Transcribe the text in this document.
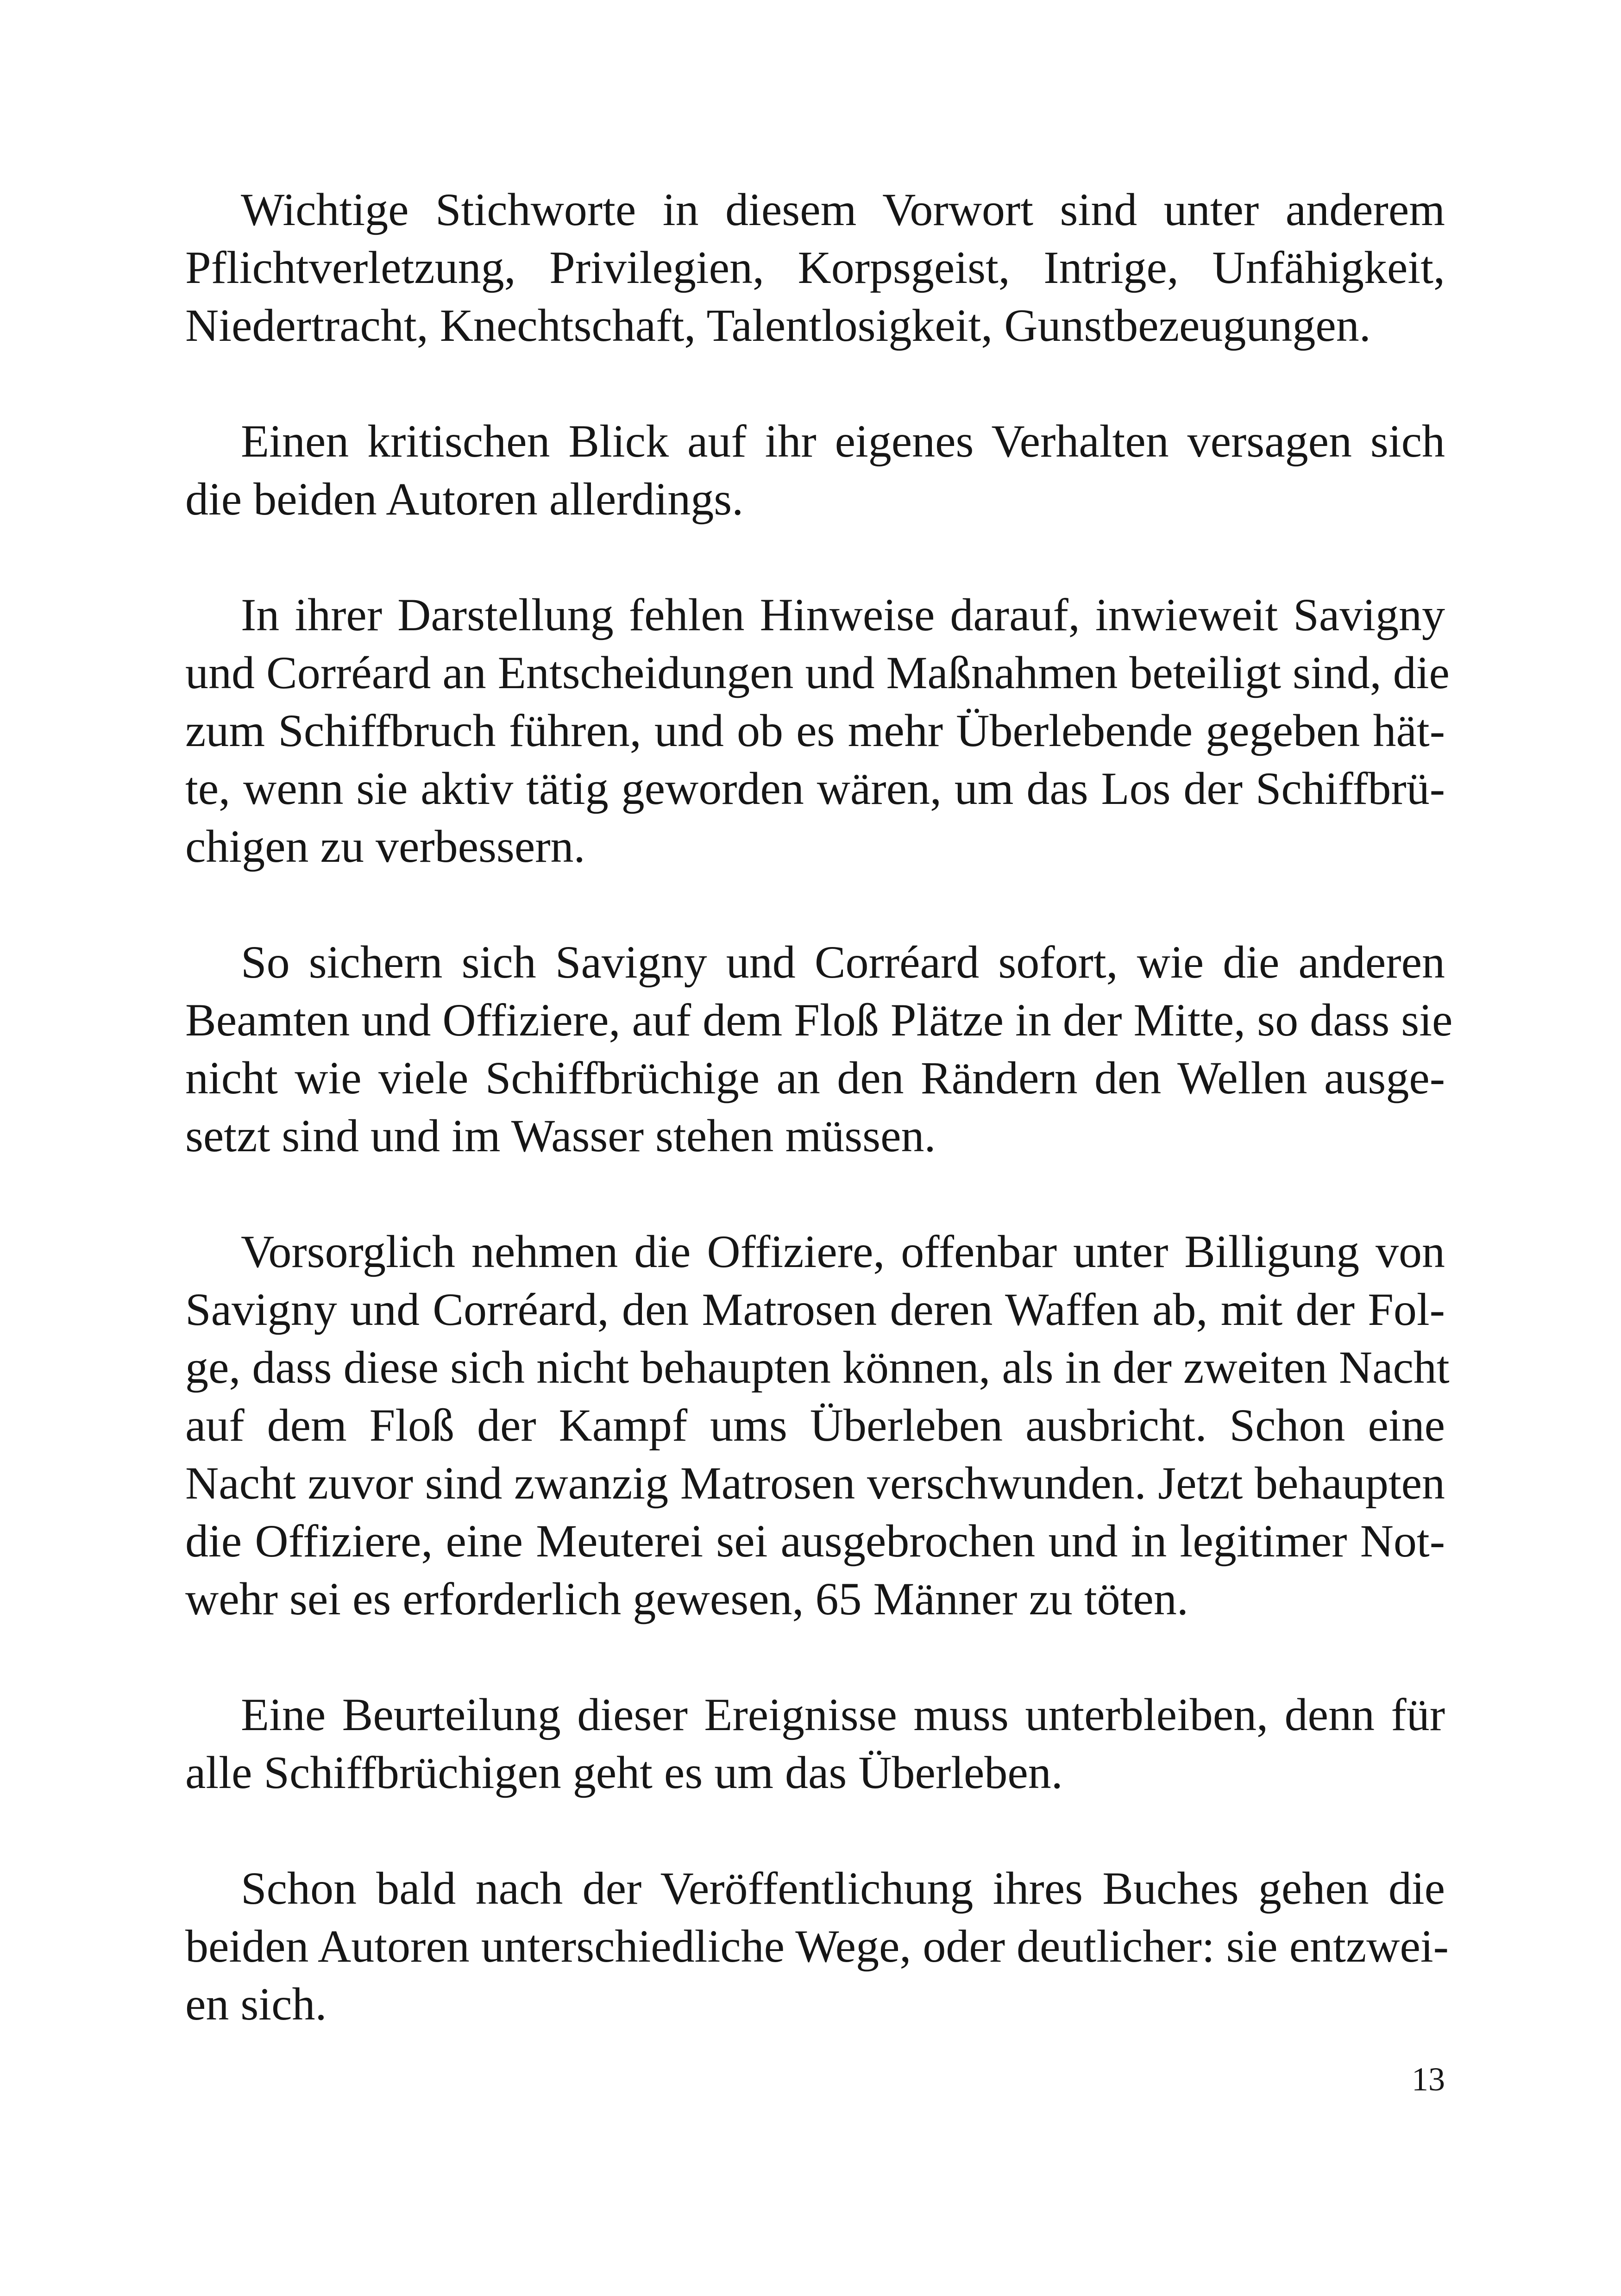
Wichtige Stichworte in diesem Vorwort sind unter anderem
Pflichtverletzung, Privilegien, Korpsgeist, Intrige, Unfähigkeit,
Niedertracht, Knechtschaft, Talentlosigkeit, Gunstbezeugungen.

Einen kritischen Blick auf ihr eigenes Verhalten versagen sich
die beiden Autoren allerdings.

In ihrer Darstellung fehlen Hinweise darauf, inwieweit Savigny
und Corréard an Entscheidungen und Maßnahmen beteiligt sind, die
zum Schiffbruch führen, und ob es mehr Überlebende gegeben hät-
te, wenn sie aktiv tätig geworden wären, um das Los der Schiffbrü-
chigen zu verbessern.

So sichern sich Savigny und Corréard sofort, wie die anderen
Beamten und Offiziere, auf dem Floß Plätze in der Mitte, so dass sie
nicht wie viele Schiffbrüchige an den Rändern den Wellen ausge-
setzt sind und im Wasser stehen müssen.

Vorsorglich nehmen die Offiziere, offenbar unter Billigung von
Savigny und Corréard, den Matrosen deren Waffen ab, mit der Fol-
ge, dass diese sich nicht behaupten können, als in der zweiten Nacht
auf dem Floß der Kampf ums Überleben ausbricht. Schon eine
Nacht zuvor sind zwanzig Matrosen verschwunden. Jetzt behaupten
die Offiziere, eine Meuterei sei ausgebrochen und in legitimer Not-
wehr sei es erforderlich gewesen, 65 Männer zu töten.

Eine Beurteilung dieser Ereignisse muss unterbleiben, denn für
alle Schiffbrüchigen geht es um das Überleben.

Schon bald nach der Veröffentlichung ihres Buches gehen die
beiden Autoren unterschiedliche Wege, oder deutlicher: sie entzwei-
en sich.

13
